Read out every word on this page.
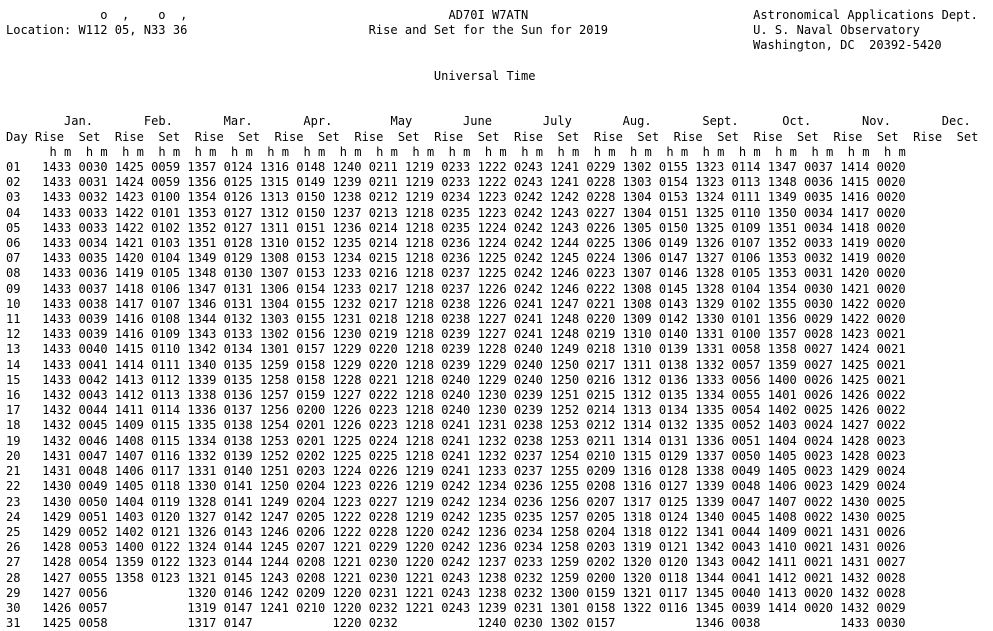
o  ,    o  ,	AD70I W7ATN	Astronomical Applications Dept.
Location: W112 05, N33 36	Rise and Set for the Sun for 2019	U. S. Naval Observatory
Washington, DC  20392-5420

Universal Time

Jan.	Feb.	Mar.	Apr.	May	June	July	Aug.	Sept.	Oct.	Nov.	Dec.
Day Rise Set Rise Set Rise Set Rise Set Rise Set Rise Set Rise Set Rise Set Rise Set Rise Set Rise Set Rise Set
h m h m h m h m h m h m h m h m h m h m h m h m h m h m h m h m h m h m h m h m h m h m h m h m
01 1433 0030 1425 0059 1357 0124 1316 0148 1240 0211 1219 0233 1222 0243 1241 0229 1302 0155 1323 0114 1347 0037 1414 0020
02 1433 0031 1424 0059 1356 0125 1315 0149 1239 0211 1219 0233 1222 0243 1241 0228 1303 0154 1323 0113 1348 0036 1415 0020
03 1433 0032 1423 0100 1354 0126 1313 0150 1238 0212 1219 0234 1223 0242 1242 0228 1304 0153 1324 0111 1349 0035 1416 0020
04 1433 0033 1422 0101 1353 0127 1312 0150 1237 0213 1218 0235 1223 0242 1243 0227 1304 0151 1325 0110 1350 0034 1417 0020
05 1433 0033 1422 0102 1352 0127 1311 0151 1236 0214 1218 0235 1224 0242 1243 0226 1305 0150 1325 0109 1351 0034 1418 0020
06 1433 0034 1421 0103 1351 0128 1310 0152 1235 0214 1218 0236 1224 0242 1244 0225 1306 0149 1326 0107 1352 0033 1419 0020
07 1433 0035 1420 0104 1349 0129 1308 0153 1234 0215 1218 0236 1225 0242 1245 0224 1306 0147 1327 0106 1353 0032 1419 0020
08 1433 0036 1419 0105 1348 0130 1307 0153 1233 0216 1218 0237 1225 0242 1246 0223 1307 0146 1328 0105 1353 0031 1420 0020
09 1433 0037 1418 0106 1347 0131 1306 0154 1233 0217 1218 0237 1226 0242 1246 0222 1308 0145 1328 0104 1354 0030 1421 0020
10 1433 0038 1417 0107 1346 0131 1304 0155 1232 0217 1218 0238 1226 0241 1247 0221 1308 0143 1329 0102 1355 0030 1422 0020
11 1433 0039 1416 0108 1344 0132 1303 0155 1231 0218 1218 0238 1227 0241 1248 0220 1309 0142 1330 0101 1356 0029 1422 0020
12 1433 0039 1416 0109 1343 0133 1302 0156 1230 0219 1218 0239 1227 0241 1248 0219 1310 0140 1331 0100 1357 0028 1423 0021
13 1433 0040 1415 0110 1342 0134 1301 0157 1229 0220 1218 0239 1228 0240 1249 0218 1310 0139 1331 0058 1358 0027 1424 0021
14 1433 0041 1414 0111 1340 0135 1259 0158 1229 0220 1218 0239 1229 0240 1250 0217 1311 0138 1332 0057 1359 0027 1425 0021
15 1433 0042 1413 0112 1339 0135 1258 0158 1228 0221 1218 0240 1229 0240 1250 0216 1312 0136 1333 0056 1400 0026 1425 0021
16 1432 0043 1412 0113 1338 0136 1257 0159 1227 0222 1218 0240 1230 0239 1251 0215 1312 0135 1334 0055 1401 0026 1426 0022
17 1432 0044 1411 0114 1336 0137 1256 0200 1226 0223 1218 0240 1230 0239 1252 0214 1313 0134 1335 0054 1402 0025 1426 0022
18 1432 0045 1409 0115 1335 0138 1254 0201 1226 0223 1218 0241 1231 0238 1253 0212 1314 0132 1335 0052 1403 0024 1427 0022
19 1432 0046 1408 0115 1334 0138 1253 0201 1225 0224 1218 0241 1232 0238 1253 0211 1314 0131 1336 0051 1404 0024 1428 0023
20 1431 0047 1407 0116 1332 0139 1252 0202 1225 0225 1218 0241 1232 0237 1254 0210 1315 0129 1337 0050 1405 0023 1428 0023
21 1431 0048 1406 0117 1331 0140 1251 0203 1224 0226 1219 0241 1233 0237 1255 0209 1316 0128 1338 0049 1405 0023 1429 0024
22 1430 0049 1405 0118 1330 0141 1250 0204 1223 0226 1219 0242 1234 0236 1255 0208 1316 0127 1339 0048 1406 0023 1429 0024
23 1430 0050 1404 0119 1328 0141 1249 0204 1223 0227 1219 0242 1234 0236 1256 0207 1317 0125 1339 0047 1407 0022 1430 0025
24 1429 0051 1403 0120 1327 0142 1247 0205 1222 0228 1219 0242 1235 0235 1257 0205 1318 0124 1340 0045 1408 0022 1430 0025
25 1429 0052 1402 0121 1326 0143 1246 0206 1222 0228 1220 0242 1236 0234 1258 0204 1318 0122 1341 0044 1409 0021 1431 0026
26 1428 0053 1400 0122 1324 0144 1245 0207 1221 0229 1220 0242 1236 0234 1258 0203 1319 0121 1342 0043 1410 0021 1431 0026
27 1428 0054 1359 0122 1323 0144 1244 0208 1221 0230 1220 0242 1237 0233 1259 0202 1320 0120 1343 0042 1411 0021 1431 0027
28 1427 0055 1358 0123 1321 0145 1243 0208 1221 0230 1221 0243 1238 0232 1259 0200 1320 0118 1344 0041 1412 0021 1432 0028
29 1427 0056	1320 0146 1242 0209 1220 0231 1221 0243 1238 0232 1300 0159 1321 0117 1345 0040 1413 0020 1432 0028
30 1426 0057	1319 0147 1241 0210 1220 0232 1221 0243 1239 0231 1301 0158 1322 0116 1345 0039 1414 0020 1432 0029
31 1425 0058	1317 0147	1220 0232	1240 0230 1302 0157	1346 0038	1433 0030
